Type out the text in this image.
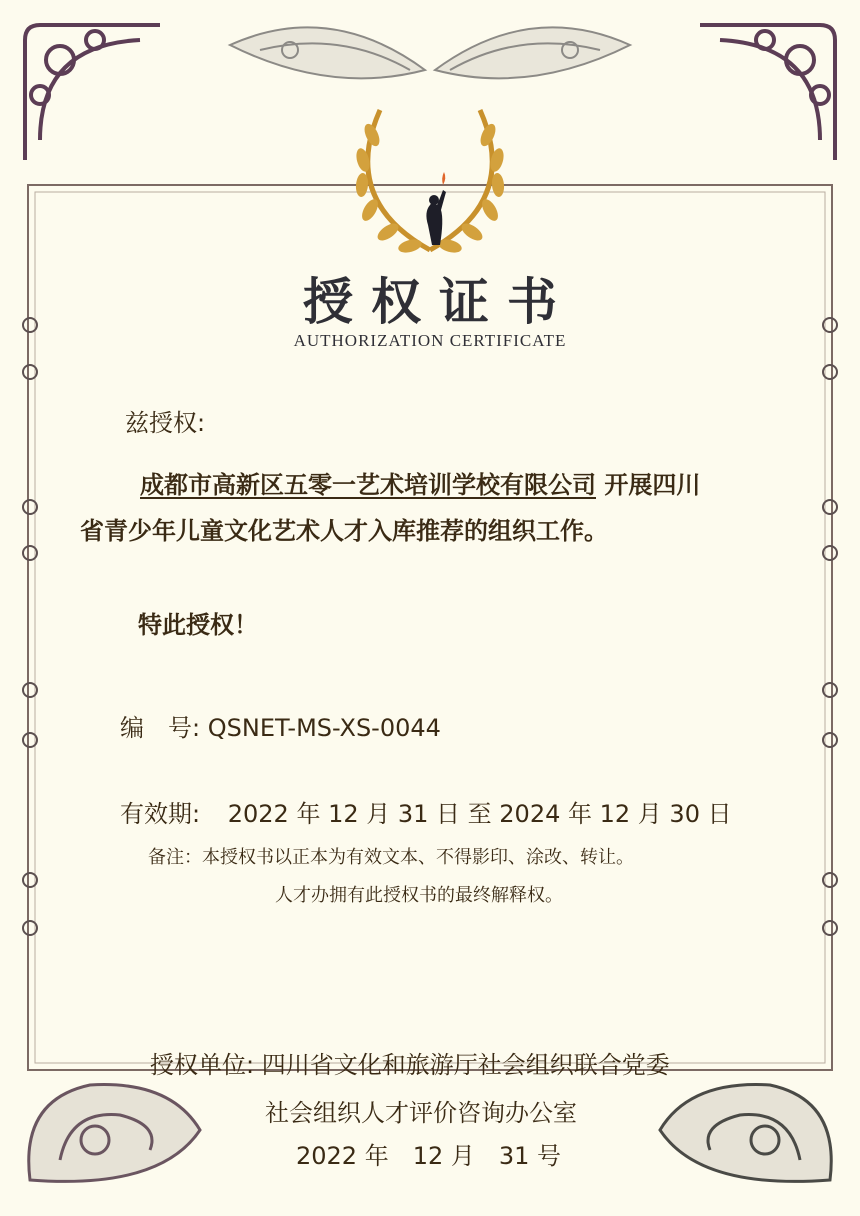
授权证书
AUTHORIZATION CERTIFICATE
兹授权:
成都市高新区五零一艺术培训学校有限公司 开展四川
省青少年儿童文化艺术人才入库推荐的组织工作。
特此授权！
编　号: QSNET-MS-XS-0044
有效期: 2022 年 12 月 31 日 至 2024 年 12 月 30 日
备注：本授权书以正本为有效文本、不得影印、涂改、转让。
人才办拥有此授权书的最终解释权。
授权单位: 四川省文化和旅游厅社会组织联合党委
社会组织人才评价咨询办公室
2022 年　12 月　31 号
